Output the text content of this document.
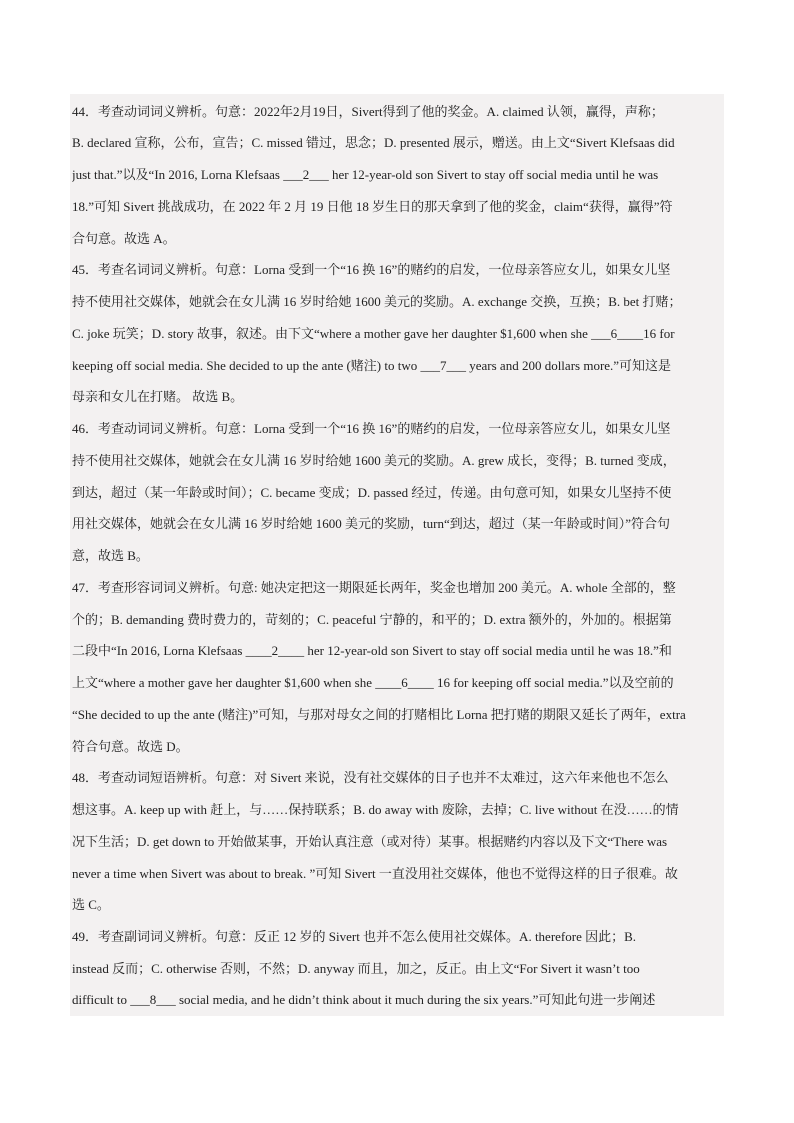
44．考查动词词义辨析。句意：2022年2月19日，Sivert得到了他的奖金。A. claimed 认领，赢得，声称；
B. declared 宣称，公布，宣告；C. missed 错过，思念；D. presented 展示，赠送。由上文“Sivert Klefsaas did
just that.”以及“In 2016, Lorna Klefsaas ___2___ her 12-year-old son Sivert to stay off social media until he was
18.”可知 Sivert 挑战成功，在 2022 年 2 月 19 日他 18 岁生日的那天拿到了他的奖金，claim“获得，赢得”符
合句意。故选 A。
45．考查名词词义辨析。句意：Lorna 受到一个“16 换 16”的赌约的启发，一位母亲答应女儿，如果女儿坚
持不使用社交媒体，她就会在女儿满 16 岁时给她 1600 美元的奖励。A. exchange 交换，互换；B. bet 打赌；
C. joke 玩笑；D. story 故事，叙述。由下文“where a mother gave her daughter $1,600 when she ___6____16 for
keeping off social media. She decided to up the ante (赌注) to two ___7___ years and 200 dollars more.”可知这是
母亲和女儿在打赌。 故选 B。
46．考查动词词义辨析。句意：Lorna 受到一个“16 换 16”的赌约的启发，一位母亲答应女儿，如果女儿坚
持不使用社交媒体，她就会在女儿满 16 岁时给她 1600 美元的奖励。A. grew 成长，变得；B. turned 变成，
到达，超过（某一年龄或时间）；C. became 变成；D. passed 经过，传递。由句意可知，如果女儿坚持不使
用社交媒体，她就会在女儿满 16 岁时给她 1600 美元的奖励，turn“到达，超过（某一年龄或时间）”符合句
意，故选 B。
47．考查形容词词义辨析。句意: 她决定把这一期限延长两年，奖金也增加 200 美元。A. whole 全部的，整
个的；B. demanding 费时费力的，苛刻的；C. peaceful 宁静的，和平的；D. extra 额外的，外加的。根据第
二段中“In 2016, Lorna Klefsaas ____2____ her 12-year-old son Sivert to stay off social media until he was 18.”和
上文“where a mother gave her daughter $1,600 when she ____6____ 16 for keeping off social media.”以及空前的
“She decided to up the ante (赌注)”可知，与那对母女之间的打赌相比 Lorna 把打赌的期限又延长了两年，extra
符合句意。故选 D。
48．考查动词短语辨析。句意：对 Sivert 来说，没有社交媒体的日子也并不太难过，这六年来他也不怎么
想这事。A. keep up with 赶上，与……保持联系；B. do away with 废除，去掉；C. live without 在没……的情
况下生活；D. get down to 开始做某事，开始认真注意（或对待）某事。根据赌约内容以及下文“There was
never a time when Sivert was about to break. ”可知 Sivert 一直没用社交媒体，他也不觉得这样的日子很难。故
选 C。
49．考查副词词义辨析。句意：反正 12 岁的 Sivert 也并不怎么使用社交媒体。A. therefore 因此；B.
instead 反而；C. otherwise 否则，不然；D. anyway 而且，加之，反正。由上文“For Sivert it wasn’t too
difficult to ___8___ social media, and he didn’t think about it much during the six years.”可知此句进一步阐述
